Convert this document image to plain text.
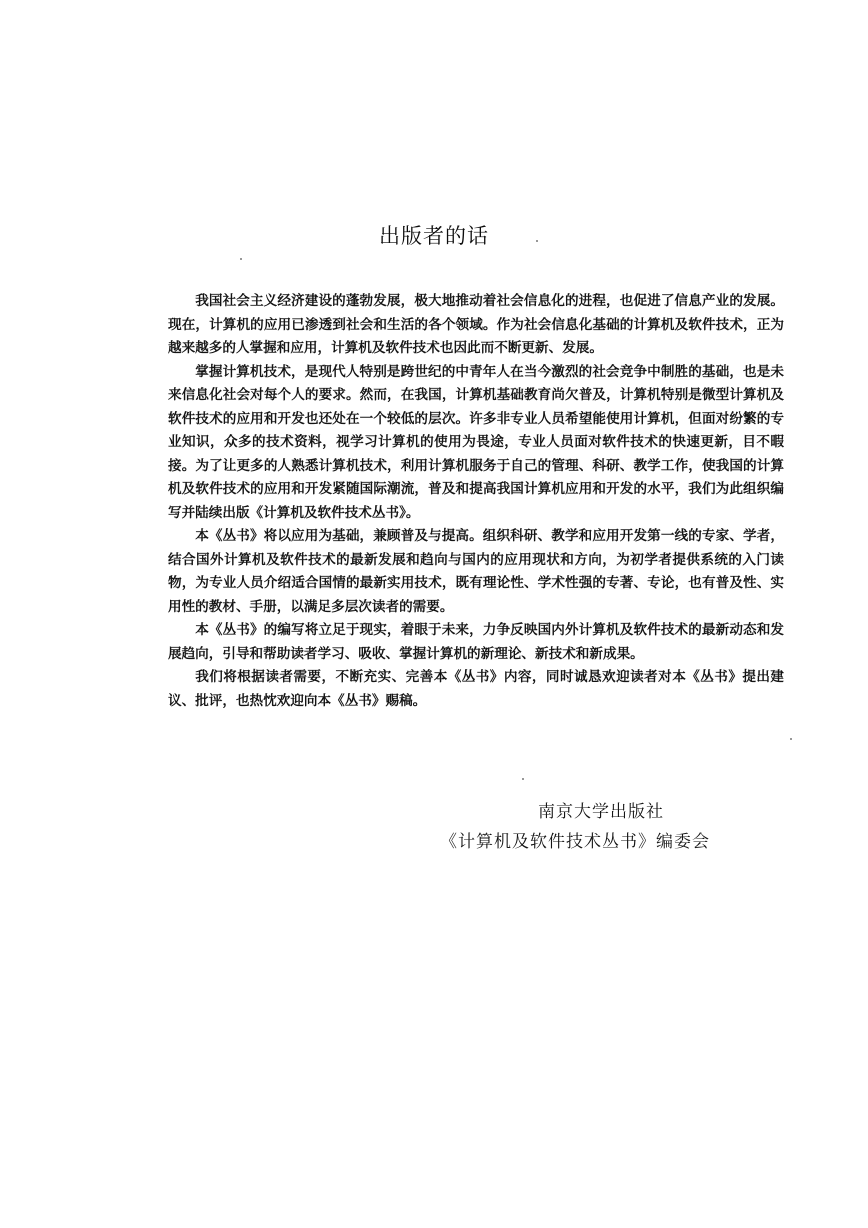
出版者的话

我国社会主义经济建设的蓬勃发展，极大地推动着社会信息化的进程，也促进了信息产业的发展。现在，计算机的应用已渗透到社会和生活的各个领域。作为社会信息化基础的计算机及软件技术，正为越来越多的人掌握和应用，计算机及软件技术也因此而不断更新、发展。

掌握计算机技术，是现代人特别是跨世纪的中青年人在当今激烈的社会竞争中制胜的基础，也是未来信息化社会对每个人的要求。然而，在我国，计算机基础教育尚欠普及，计算机特别是微型计算机及软件技术的应用和开发也还处在一个较低的层次。许多非专业人员希望能使用计算机，但面对纷繁的专业知识，众多的技术资料，视学习计算机的使用为畏途，专业人员面对软件技术的快速更新，目不暇接。为了让更多的人熟悉计算机技术，利用计算机服务于自己的管理、科研、教学工作，使我国的计算机及软件技术的应用和开发紧随国际潮流，普及和提高我国计算机应用和开发的水平，我们为此组织编写并陆续出版《计算机及软件技术丛书》。

本《丛书》将以应用为基础，兼顾普及与提高。组织科研、教学和应用开发第一线的专家、学者，结合国外计算机及软件技术的最新发展和趋向与国内的应用现状和方向，为初学者提供系统的入门读物，为专业人员介绍适合国情的最新实用技术，既有理论性、学术性强的专著、专论，也有普及性、实用性的教材、手册，以满足多层次读者的需要。

本《丛书》的编写将立足于现实，着眼于未来，力争反映国内外计算机及软件技术的最新动态和发展趋向，引导和帮助读者学习、吸收、掌握计算机的新理论、新技术和新成果。

我们将根据读者需要，不断充实、完善本《丛书》内容，同时诚恳欢迎读者对本《丛书》提出建议、批评，也热忱欢迎向本《丛书》赐稿。

南京大学出版社
《计算机及软件技术丛书》编委会
